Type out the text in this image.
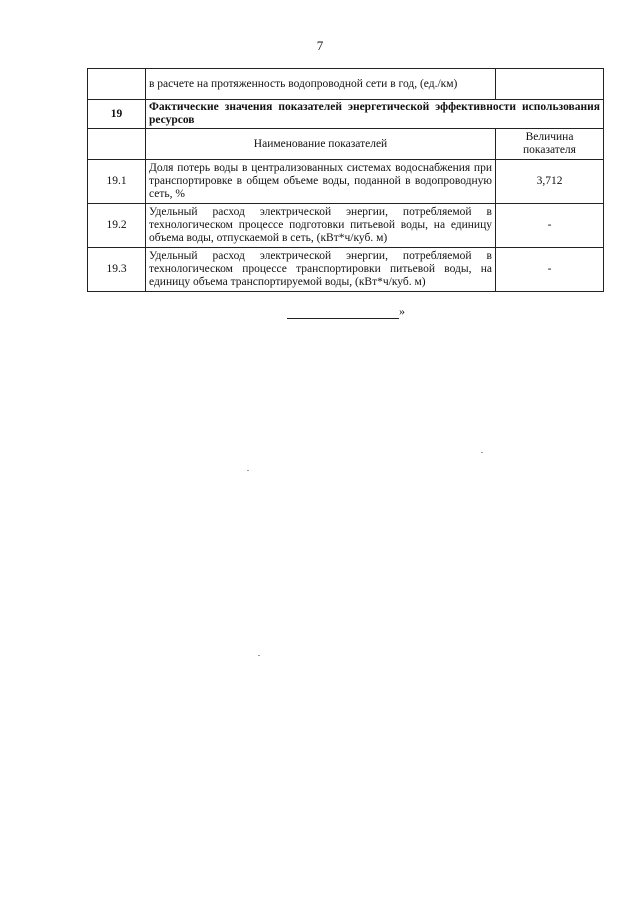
7
	в расчете на протяженность водопроводной сети в год, (ед./км)	
19	Фактические значения показателей энергетической эффективности использования ресурсов	
	Наименование показателей	Величина показателя
19.1	Доля потерь воды в централизованных системах водоснабжения при транспортировке в общем объеме воды, поданной в водопроводную сеть, %	3,712
19.2	Удельный расход электрической энергии, потребляемой в технологическом процессе подготовки питьевой воды, на единицу объема воды, отпускаемой в сеть, (кВт*ч/куб. м)	-
19.3	Удельный расход электрической энергии, потребляемой в технологическом процессе транспортировки питьевой воды, на единицу объема транспортируемой воды, (кВт*ч/куб. м)	-
»
